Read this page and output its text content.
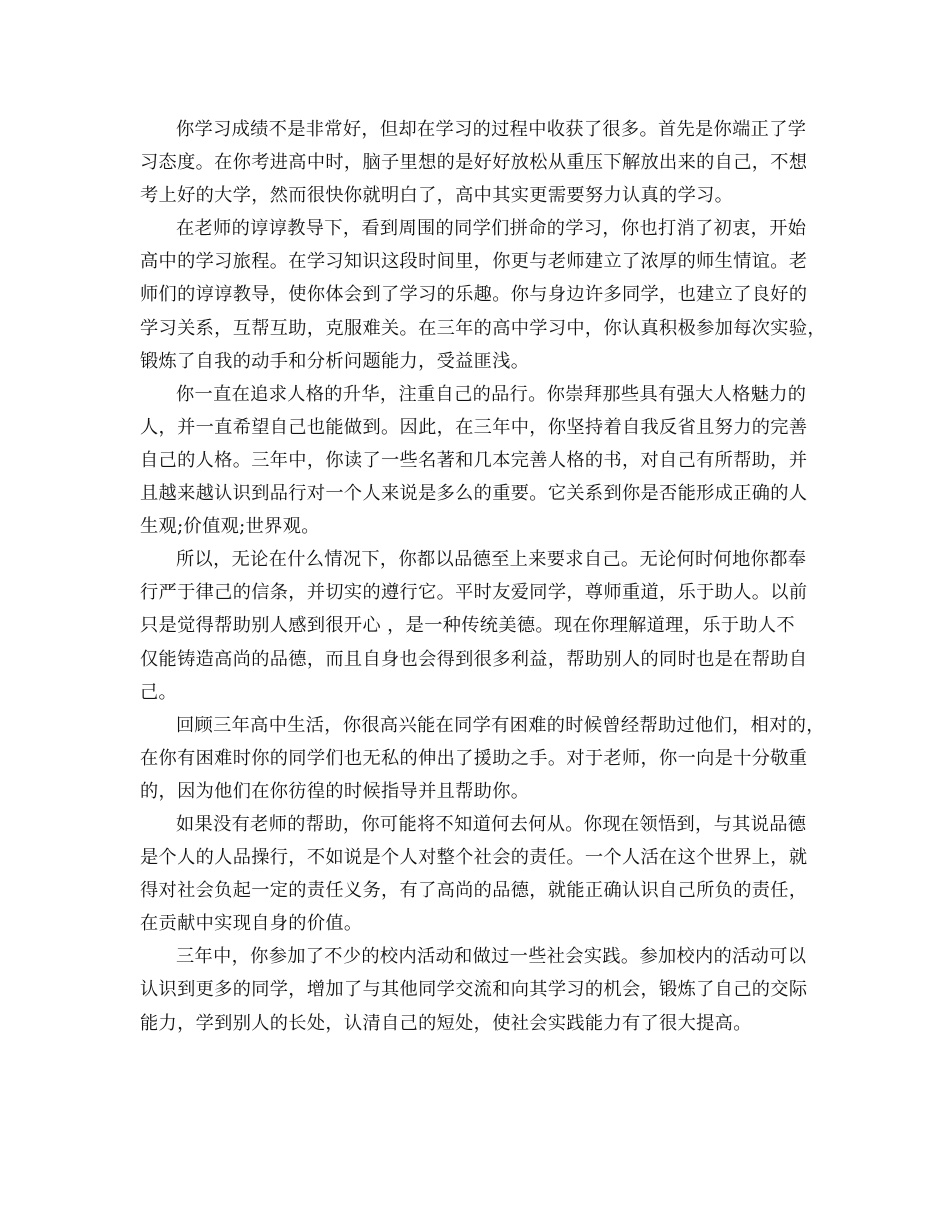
你学习成绩不是非常好，但却在学习的过程中收获了很多。首先是你端正了学
习态度。在你考进高中时，脑子里想的是好好放松从重压下解放出来的自己，不想
考上好的大学，然而很快你就明白了，高中其实更需要努力认真的学习。
在老师的谆谆教导下，看到周围的同学们拼命的学习，你也打消了初衷，开始
高中的学习旅程。在学习知识这段时间里，你更与老师建立了浓厚的师生情谊。老
师们的谆谆教导，使你体会到了学习的乐趣。你与身边许多同学，也建立了良好的
学习关系，互帮互助，克服难关。在三年的高中学习中，你认真积极参加每次实验，
锻炼了自我的动手和分析问题能力，受益匪浅。
你一直在追求人格的升华，注重自己的品行。你崇拜那些具有强大人格魅力的
人，并一直希望自己也能做到。因此，在三年中，你坚持着自我反省且努力的完善
自己的人格。三年中，你读了一些名著和几本完善人格的书，对自己有所帮助，并
且越来越认识到品行对一个人来说是多么的重要。它关系到你是否能形成正确的人
生观;价值观;世界观。
所以，无论在什么情况下，你都以品德至上来要求自己。无论何时何地你都奉
行严于律己的信条，并切实的遵行它。平时友爱同学，尊师重道，乐于助人。以前
只是觉得帮助别人感到很开心 ，是一种传统美德。现在你理解道理，乐于助人不
仅能铸造高尚的品德，而且自身也会得到很多利益，帮助别人的同时也是在帮助自
己。
回顾三年高中生活，你很高兴能在同学有困难的时候曾经帮助过他们，相对的，
在你有困难时你的同学们也无私的伸出了援助之手。对于老师，你一向是十分敬重
的，因为他们在你彷徨的时候指导并且帮助你。
如果没有老师的帮助，你可能将不知道何去何从。你现在领悟到，与其说品德
是个人的人品操行，不如说是个人对整个社会的责任。一个人活在这个世界上，就
得对社会负起一定的责任义务，有了高尚的品德，就能正确认识自己所负的责任，
在贡献中实现自身的价值。
三年中，你参加了不少的校内活动和做过一些社会实践。参加校内的活动可以
认识到更多的同学，增加了与其他同学交流和向其学习的机会，锻炼了自己的交际
能力，学到别人的长处，认清自己的短处，使社会实践能力有了很大提高。
